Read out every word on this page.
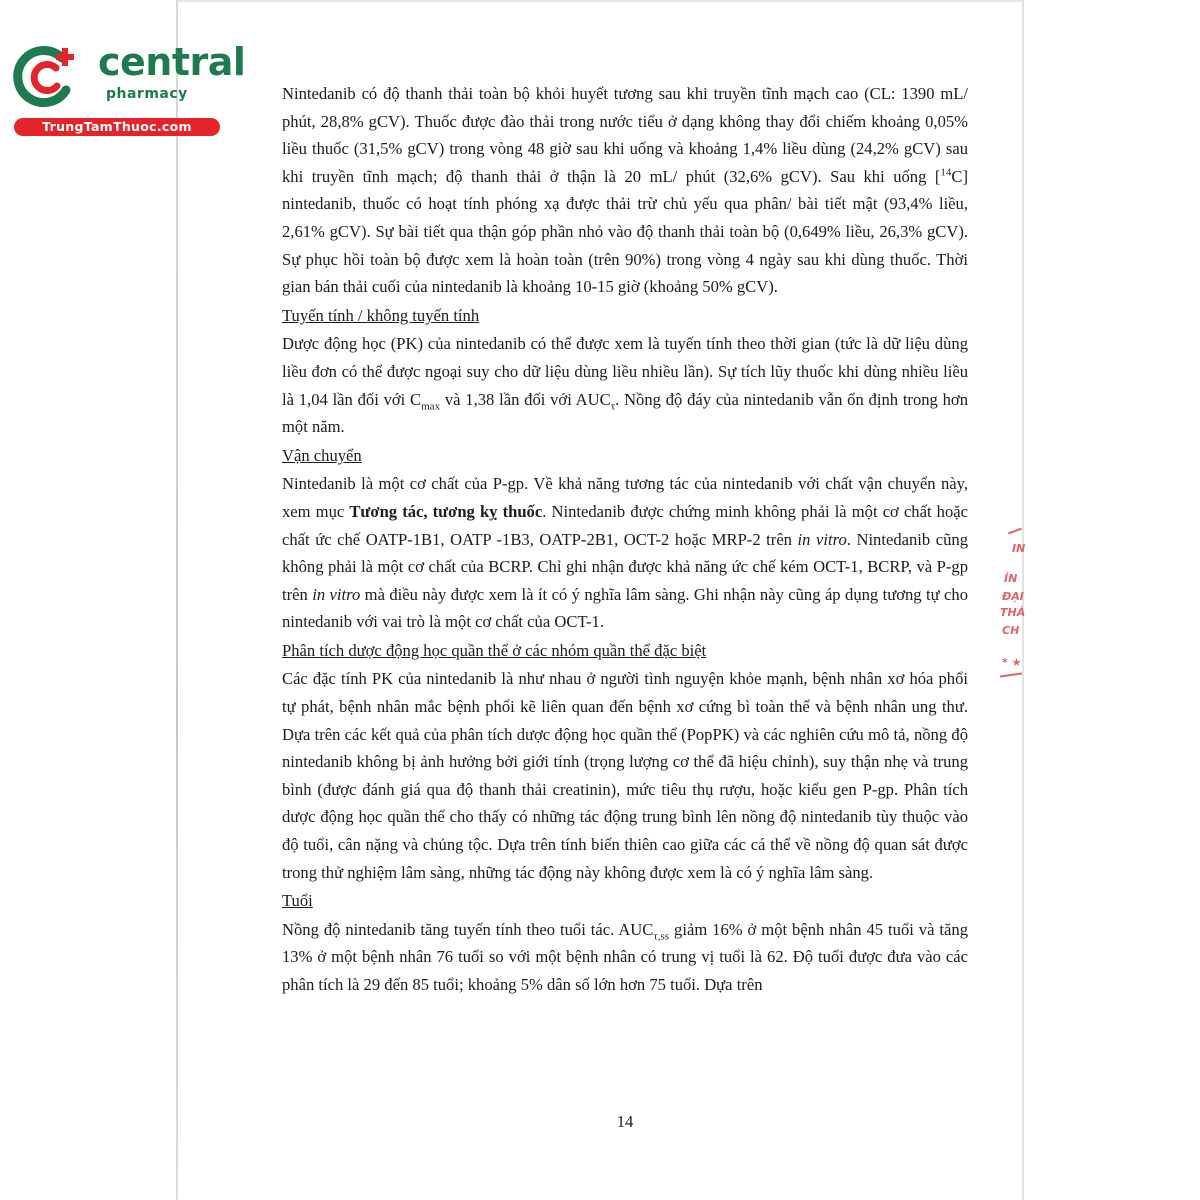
central
pharmacy
TrungTamThuoc.com

Nintedanib có độ thanh thải toàn bộ khỏi huyết tương sau khi truyền tĩnh mạch cao (CL: 1390 mL/ phút, 28,8% gCV). Thuốc được đào thải trong nước tiểu ở dạng không thay đổi chiếm khoảng 0,05% liều thuốc (31,5% gCV) trong vòng 48 giờ sau khi uống và khoảng 1,4% liều dùng (24,2% gCV) sau khi truyền tĩnh mạch; độ thanh thải ở thận là 20 mL/ phút (32,6% gCV). Sau khi uống [$^{14}$C] nintedanib, thuốc có hoạt tính phóng xạ được thải trừ chủ yếu qua phân/ bài tiết mật (93,4% liều, 2,61% gCV). Sự bài tiết qua thận góp phần nhỏ vào độ thanh thải toàn bộ (0,649% liều, 26,3% gCV). Sự phục hồi toàn bộ được xem là hoàn toàn (trên 90%) trong vòng 4 ngày sau khi dùng thuốc. Thời gian bán thải cuối của nintedanib là khoảng 10-15 giờ (khoảng 50% gCV).

Tuyến tính / không tuyến tính

Dược động học (PK) của nintedanib có thể được xem là tuyến tính theo thời gian (tức là dữ liệu dùng liều đơn có thể được ngoại suy cho dữ liệu dùng liều nhiều lần). Sự tích lũy thuốc khi dùng nhiều liều là 1,04 lần đối với $C_{max}$ và 1,38 lần đối với $AUC_\tau$. Nồng độ đáy của nintedanib vẫn ổn định trong hơn một năm.

Vận chuyển

Nintedanib là một cơ chất của P-gp. Về khả năng tương tác của nintedanib với chất vận chuyển này, xem mục Tương tác, tương kỵ thuốc. Nintedanib được chứng minh không phải là một cơ chất hoặc chất ức chế OATP-1B1, OATP -1B3, OATP-2B1, OCT-2 hoặc MRP-2 trên in vitro. Nintedanib cũng không phải là một cơ chất của BCRP. Chỉ ghi nhận được khả năng ức chế kém OCT-1, BCRP, và P-gp trên in vitro mà điều này được xem là ít có ý nghĩa lâm sàng. Ghi nhận này cũng áp dụng tương tự cho nintedanib với vai trò là một cơ chất của OCT-1.

Phân tích dược động học quần thể ở các nhóm quần thể đặc biệt

Các đặc tính PK của nintedanib là như nhau ở người tình nguyện khỏe mạnh, bệnh nhân xơ hóa phổi tự phát, bệnh nhân mắc bệnh phổi kẽ liên quan đến bệnh xơ cứng bì toàn thể và bệnh nhân ung thư. Dựa trên các kết quả của phân tích dược động học quần thể (PopPK) và các nghiên cứu mô tả, nồng độ nintedanib không bị ảnh hưởng bởi giới tính (trọng lượng cơ thể đã hiệu chỉnh), suy thận nhẹ và trung bình (được đánh giá qua độ thanh thải creatinin), mức tiêu thụ rượu, hoặc kiểu gen P-gp. Phân tích dược động học quần thể cho thấy có những tác động trung bình lên nồng độ nintedanib tùy thuộc vào độ tuổi, cân nặng và chủng tộc. Dựa trên tính biến thiên cao giữa các cá thể về nồng độ quan sát được trong thử nghiệm lâm sàng, những tác động này không được xem là có ý nghĩa lâm sàng.

Tuổi

Nồng độ nintedanib tăng tuyến tính theo tuổi tác. $AUC_{\tau,ss}$ giảm 16% ở một bệnh nhân 45 tuổi và tăng 13% ở một bệnh nhân 76 tuổi so với một bệnh nhân có trung vị tuổi là 62. Độ tuổi được đưa vào các phân tích là 29 đến 85 tuổi; khoảng 5% dân số lớn hơn 75 tuổi. Dựa trên

14
IN
ÍN
ĐẠI
THÀ
CH
* ★
